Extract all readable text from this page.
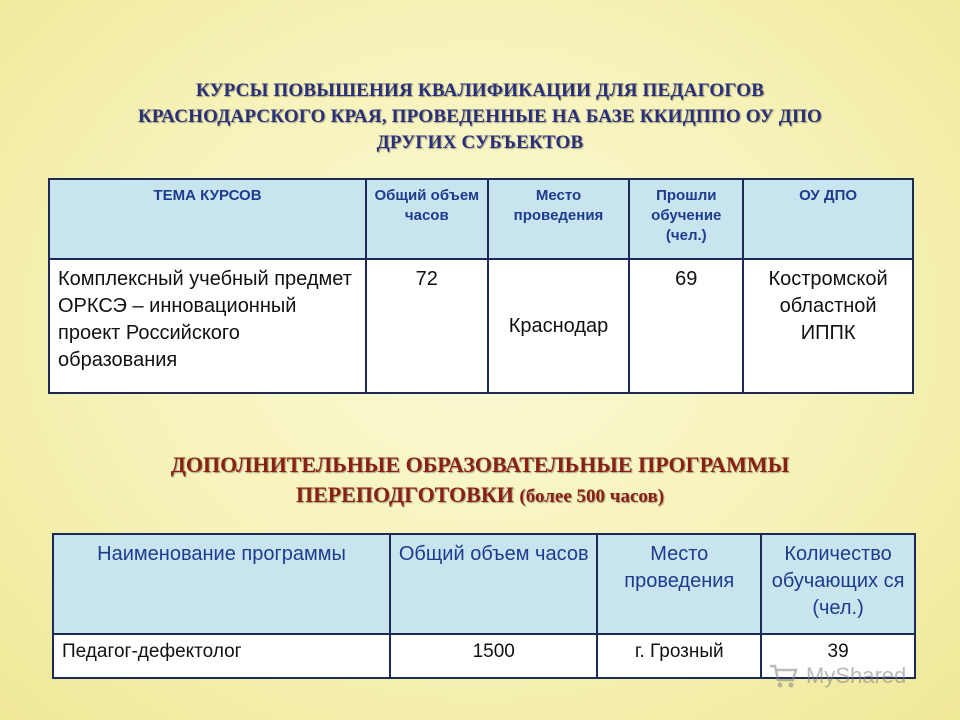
КУРСЫ ПОВЫШЕНИЯ КВАЛИФИКАЦИИ ДЛЯ ПЕДАГОГОВ
КРАСНОДАРСКОГО КРАЯ, ПРОВЕДЕННЫЕ НА БАЗЕ ККИДППО ОУ ДПО
ДРУГИХ СУБЪЕКТОВ
ТЕМА КУРСОВ	Общий объем часов	Место проведения	Прошли обучение (чел.)	ОУ ДПО
Комплексный учебный предмет ОРКСЭ – инновационный проект Российского образования	72	Краснодар	69	Костромской областной ИППК
ДОПОЛНИТЕЛЬНЫЕ ОБРАЗОВАТЕЛЬНЫЕ ПРОГРАММЫ
ПЕРЕПОДГОТОВКИ (более 500 часов)
Наименование программы	Общий объем часов	Место проведения	Количество обучающих ся (чел.)
Педагог-дефектолог	1500	г. Грозный	39
MyShared
